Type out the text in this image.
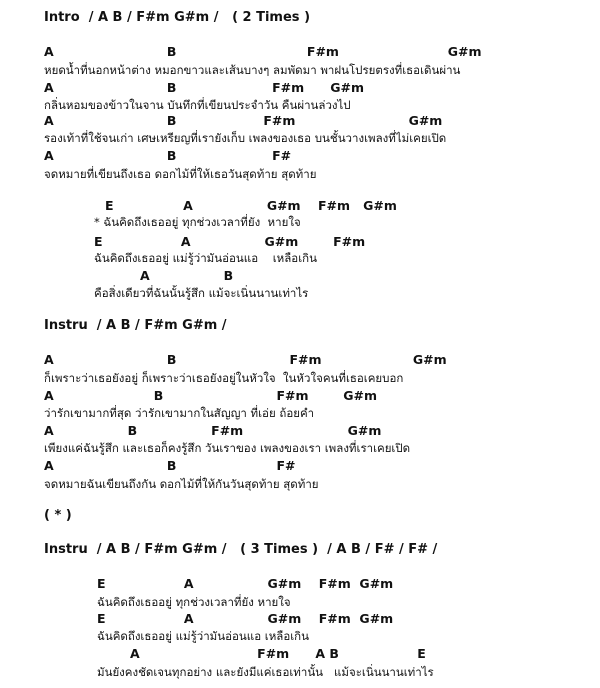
Intro  / A B / F#m G#m /   ( 2 Times )
A                          B                              F#m                         G#m
หยดน้ำที่นอกหน้าต่าง หมอกขาวและเส้นบางๆ ลมพัดมา พาฝนโปรยตรงที่เธอเดินผ่าน
A                          B                      F#m      G#m
กลิ่นหอมของข้าวในจาน บันทึกที่เขียนประจำวัน คืนผ่านล่วงไป
A                          B                    F#m                          G#m
รองเท้าที่ใช้จนเก่า เศษเหรียญที่เรายังเก็บ เพลงของเธอ บนชั้นวางเพลงที่ไม่เคยเปิด
A                          B                      F#
จดหมายที่เขียนถึงเธอ ดอกไม้ที่ให้เธอวันสุดท้าย สุดท้าย
E                A                 G#m    F#m   G#m
* ฉันคิดถึงเธออยู่ ทุกช่วงเวลาที่ยัง  หายใจ
E                  A                 G#m        F#m
ฉันคิดถึงเธออยู่ แม่รู้ว่ามันอ่อนแอ    เหลือเกิน
A                 B
คือสิ่งเดียวที่ฉันนั้นรู้สึก แม้จะเนิ่นนานเท่าไร
Instru  / A B / F#m G#m /
A                          B                          F#m                     G#m
ก็เพราะว่าเธอยังอยู่ ก็เพราะว่าเธอยังอยู่ในหัวใจ  ในหัวใจคนที่เธอเคยบอก
A                       B                          F#m        G#m
ว่ารักเขามากที่สุด ว่ารักเขามากในสัญญา ที่เอ่ย ถ้อยคำ
A                 B                 F#m                        G#m
เพียงแค่ฉันรู้สึก และเธอก็คงรู้สึก วันเราของ เพลงของเรา เพลงที่เราเคยเปิด
A                          B                       F#
จดหมายฉันเขียนถึงกัน ดอกไม้ที่ให้กันวันสุดท้าย สุดท้าย
( * )
Instru  / A B / F#m G#m /   ( 3 Times )  / A B / F# / F# /
E                  A                 G#m    F#m  G#m
ฉันคิดถึงเธออยู่ ทุกช่วงเวลาที่ยัง หายใจ
E                  A                 G#m    F#m  G#m
ฉันคิดถึงเธออยู่ แม่รู้ว่ามันอ่อนแอ เหลือเกิน
A                           F#m      A B                  E
มันยังคงชัดเจนทุกอย่าง และยังมีแค่เธอเท่านั้น   แม้จะเนิ่นนานเท่าไร
